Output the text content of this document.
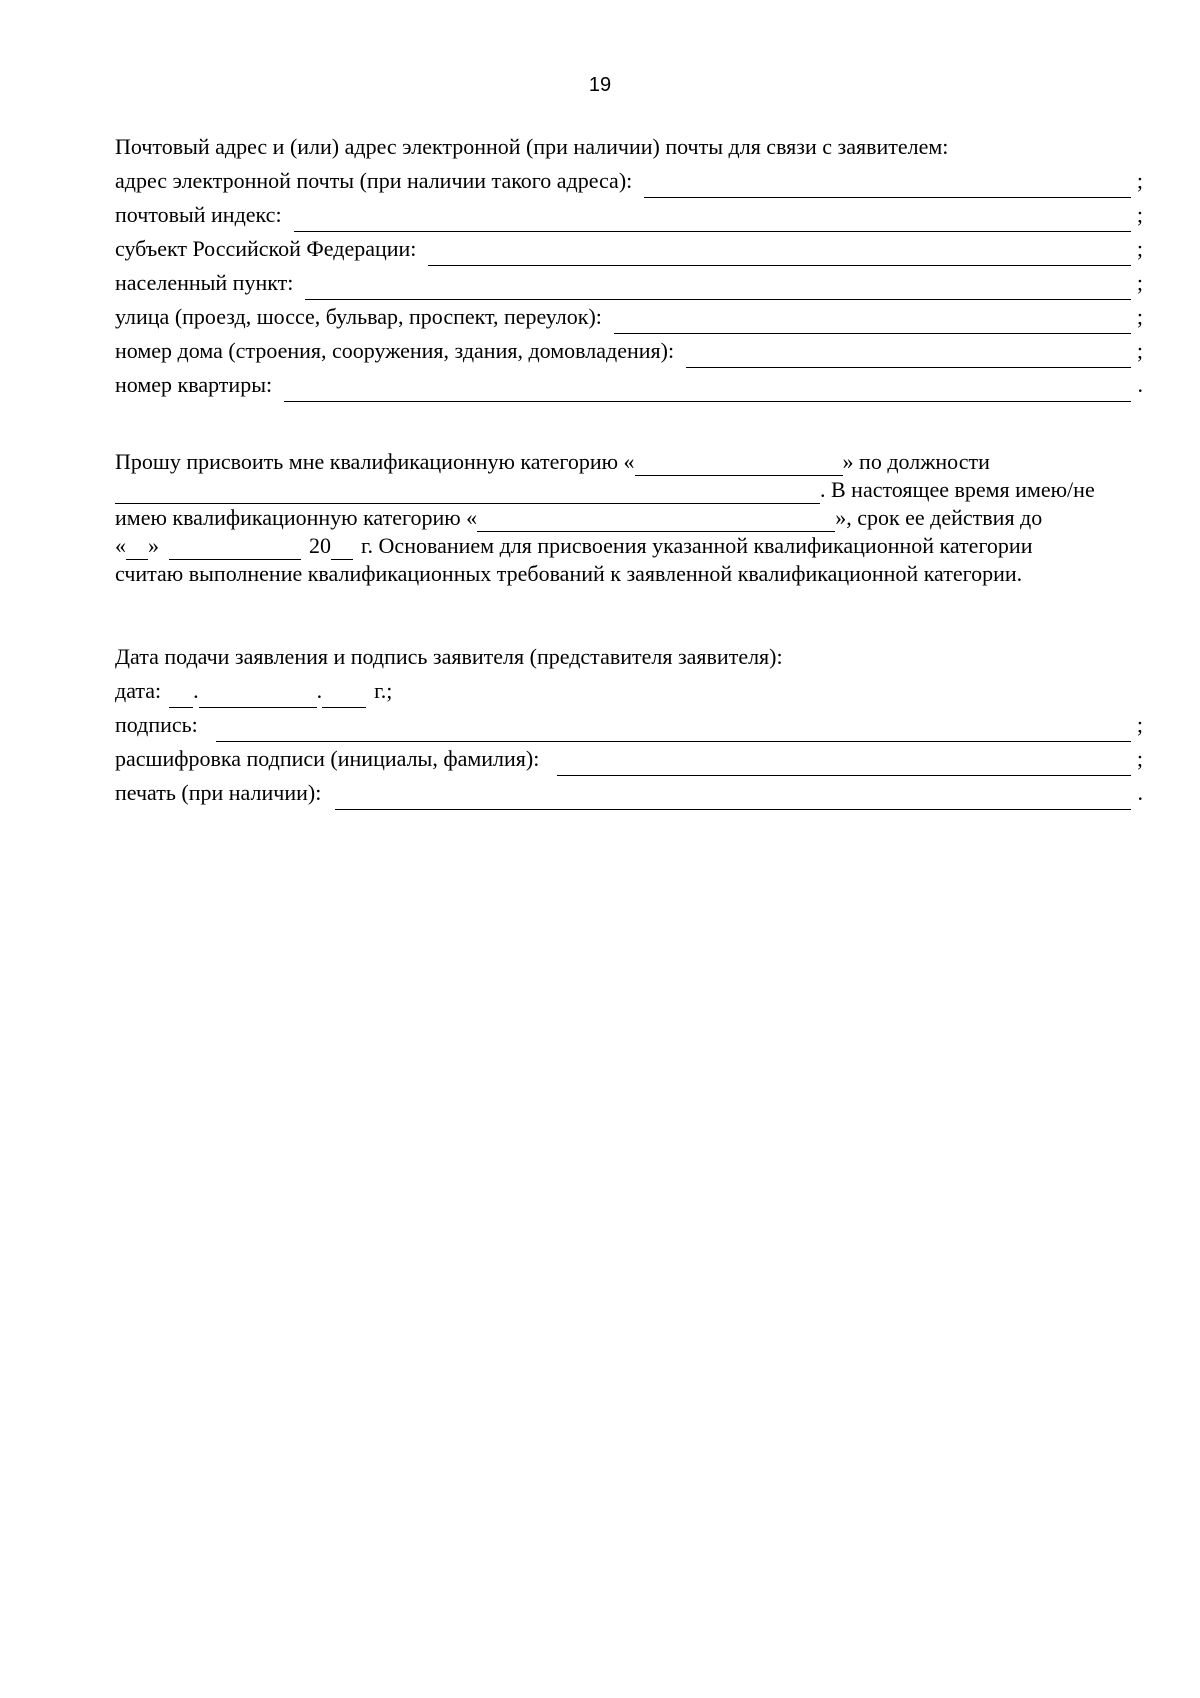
19
Почтовый адрес и (или) адрес электронной (при наличии) почты для связи с заявителем:
адрес электронной почты (при наличии такого адреса):	;
почтовый индекс:	;
субъект Российской Федерации:	;
населенный пункт:	;
улица (проезд, шоссе, бульвар, проспект, переулок):	;
номер дома (строения, сооружения, здания, домовладения):	;
номер квартиры:	.
Прошу присвоить мне квалификационную категорию «	» по должности
. В настоящее время имею/не
имею квалификационную категорию «	», срок ее действия до
« »	20 г. Основанием для присвоения указанной квалификационной категории
считаю выполнение квалификационных требований к заявленной квалификационной категории.
Дата подачи заявления и подпись заявителя (представителя заявителя):
дата: .	. г.;
подпись:	;
расшифровка подписи (инициалы, фамилия):	;
печать (при наличии):	.
